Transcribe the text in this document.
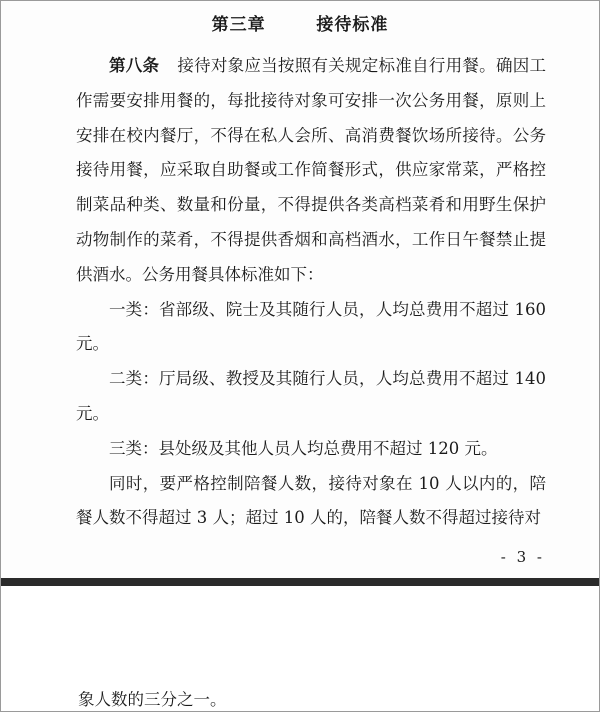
第三章   接待标准

第八条 接待对象应当按照有关规定标准自行用餐。确因工作需要安排用餐的，每批接待对象可安排一次公务用餐，原则上安排在校内餐厅，不得在私人会所、高消费餐饮场所接待。公务接待用餐，应采取自助餐或工作简餐形式，供应家常菜，严格控制菜品种类、数量和份量，不得提供各类高档菜肴和用野生保护动物制作的菜肴，不得提供香烟和高档酒水，工作日午餐禁止提供酒水。公务用餐具体标准如下：

一类：省部级、院士及其随行人员，人均总费用不超过 160 元。

二类：厅局级、教授及其随行人员，人均总费用不超过 140 元。

三类：县处级及其他人员人均总费用不超过 120 元。

同时，要严格控制陪餐人数，接待对象在 10 人以内的，陪餐人数不得超过 3 人；超过 10 人的，陪餐人数不得超过接待对

- 3 -
象人数的三分之一。
